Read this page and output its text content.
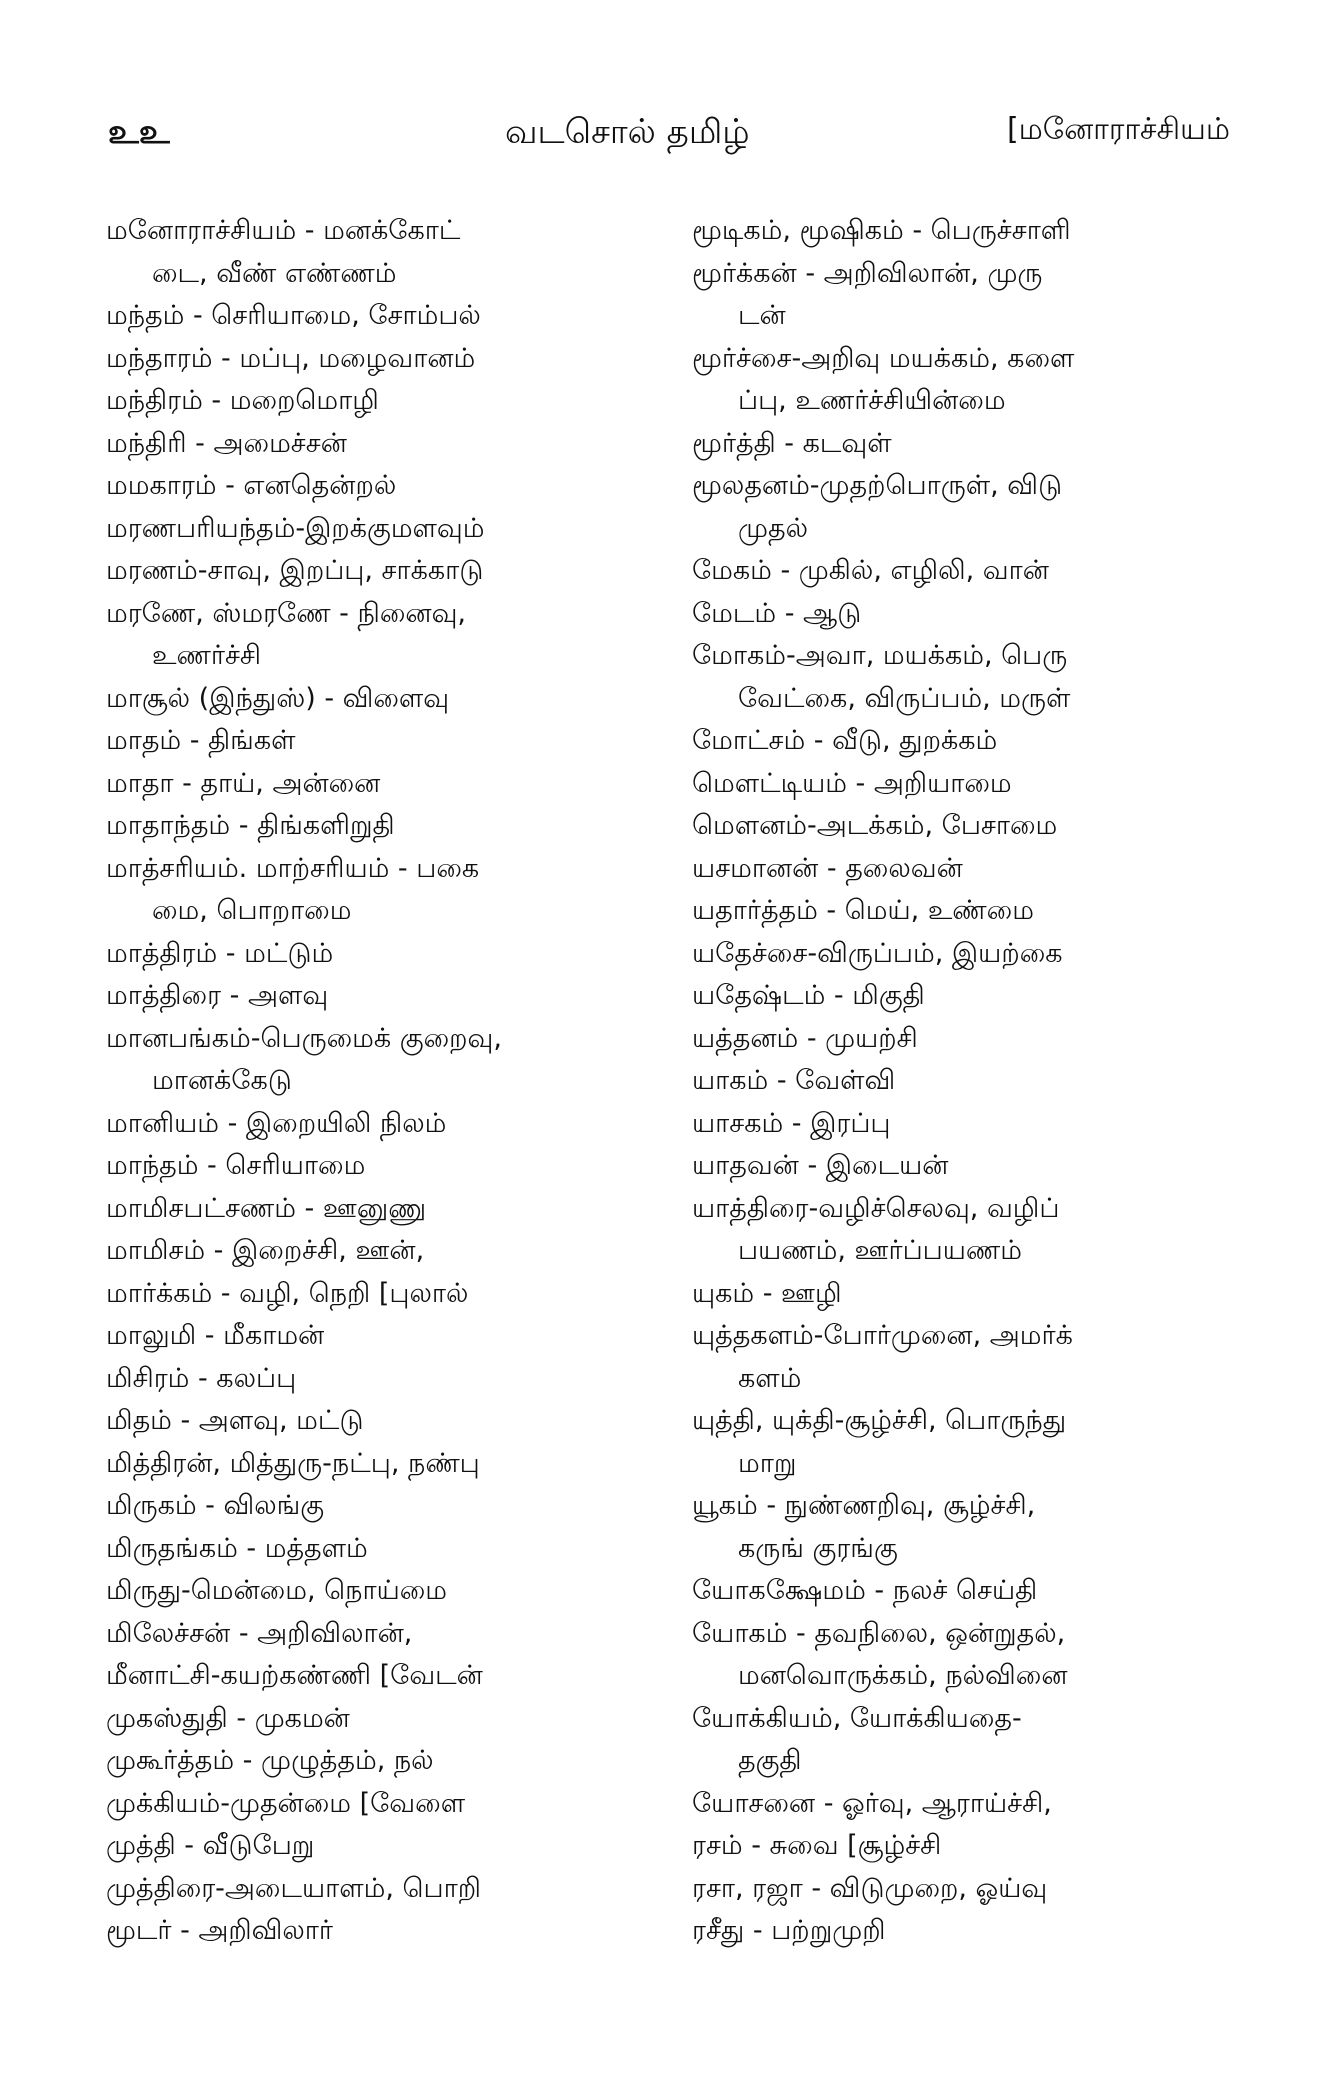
உஉ	வடசொல் தமிழ்	[மனோராச்சியம்
மனோராச்சியம் - மனக்கோட்
டை, வீண் எண்ணம்
மந்தம் - செரியாமை, சோம்பல்
மந்தாரம் - மப்பு, மழைவானம்
மந்திரம் - மறைமொழி
மந்திரி - அமைச்சன்
மமகாரம் - எனதென்றல்
மரணபரியந்தம்-இறக்குமளவும்
மரணம்-சாவு, இறப்பு, சாக்காடு
மரணே, ஸ்மரணே - நினைவு,
உணர்ச்சி
மாசூல் (இந்துஸ்) - விளைவு
மாதம் - திங்கள்
மாதா - தாய், அன்னை
மாதாந்தம் - திங்களிறுதி
மாத்சரியம். மாற்சரியம் - பகை
மை, பொறாமை
மாத்திரம் - மட்டும்
மாத்திரை - அளவு
மானபங்கம்-பெருமைக் குறைவு,
மானக்கேடு
மானியம் - இறையிலி நிலம்
மாந்தம் - செரியாமை
மாமிசபட்சணம் - ஊனுணு
மாமிசம் - இறைச்சி, ஊன்,
மார்க்கம் - வழி, நெறி [புலால்
மாலுமி - மீகாமன்
மிசிரம் - கலப்பு
மிதம் - அளவு, மட்டு
மித்திரன், மித்துரு-நட்பு, நண்பு
மிருகம் - விலங்கு
மிருதங்கம் - மத்தளம்
மிருது-மென்மை, நொய்மை
மிலேச்சன் - அறிவிலான்,
மீனாட்சி-கயற்கண்ணி [வேடன்
முகஸ்துதி - முகமன்
முகூர்த்தம் - முழுத்தம், நல்
முக்கியம்-முதன்மை [வேளை
முத்தி - வீடுபேறு
முத்திரை-அடையாளம், பொறி
மூடர் - அறிவிலார்
மூடிகம், மூஷிகம் - பெருச்சாளி
மூர்க்கன் - அறிவிலான், முரு
டன்
மூர்ச்சை-அறிவு மயக்கம், களை
ப்பு, உணர்ச்சியின்மை
மூர்த்தி - கடவுள்
மூலதனம்-முதற்பொருள், விடு
முதல்
மேகம் - முகில், எழிலி, வான்
மேடம் - ஆடு
மோகம்-அவா, மயக்கம், பெரு
வேட்கை, விருப்பம், மருள்
மோட்சம் - வீடு, துறக்கம்
மௌட்டியம் - அறியாமை
மௌனம்-அடக்கம், பேசாமை
யசமானன் - தலைவன்
யதார்த்தம் - மெய், உண்மை
யதேச்சை-விருப்பம், இயற்கை
யதேஷ்டம் - மிகுதி
யத்தனம் - முயற்சி
யாகம் - வேள்வி
யாசகம் - இரப்பு
யாதவன் - இடையன்
யாத்திரை-வழிச்செலவு, வழிப்
பயணம், ஊர்ப்பயணம்
யுகம் - ஊழி
யுத்தகளம்-போர்முனை, அமர்க்
களம்
யுத்தி, யுக்தி-சூழ்ச்சி, பொருந்து
மாறு
யூகம் - நுண்ணறிவு, சூழ்ச்சி,
கருங் குரங்கு
யோகக்ஷேமம் - நலச் செய்தி
யோகம் - தவநிலை, ஒன்றுதல்,
மனவொருக்கம், நல்வினை
யோக்கியம், யோக்கியதை-
தகுதி
யோசனை - ஓர்வு, ஆராய்ச்சி,
ரசம் - சுவை [சூழ்ச்சி
ரசா, ரஜா - விடுமுறை, ஓய்வு
ரசீது - பற்றுமுறி
